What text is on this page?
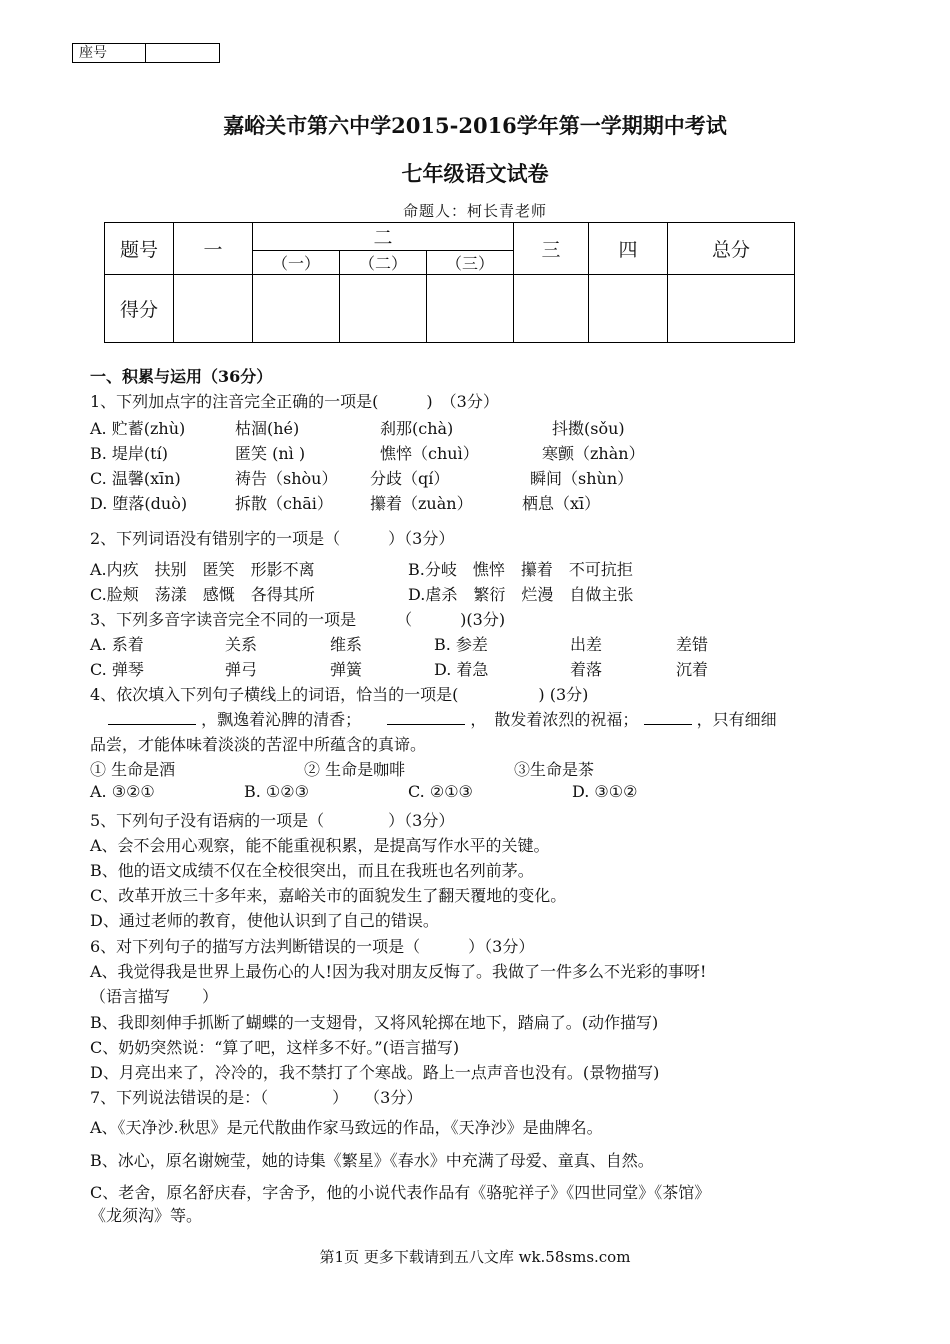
座号
嘉峪关市第六中学2015-2016学年第一学期期中考试
七年级语文试卷
命题人：柯长青老师
题号	一	二			三	四	总分
		（一）	（二）	（三）			
得分							
一、积累与运用（36分）
1、下列加点字的注音完全正确的一项是(　　　)　（3分）
A. 贮蓄(zhù)	枯涸(hé)	刹那(chà)	抖擞(sǒu)
B. 堤岸(tí)	匿笑 (nì )	憔悴（chuì）	寒颤（zhàn）
C. 温馨(xīn)	祷告（shòu） 分歧（qí）	瞬间（shùn）
D. 堕落(duò)	拆散（chāi） 攥着（zuàn）	栖息（xī）
2、下列词语没有错别字的一项是（　　　）（3分）
A.内疚　扶别　匿笑　形影不离	B.分岐　憔悴　攥着　不可抗拒
C.脸颊　荡漾　感慨　各得其所	D.虐杀　繁衍　烂漫　自做主张
3、下列多音字读音完全不同的一项是　　　（　　　)(3分)
A. 系着	关系	维系	B. 参差	出差	差错
C. 弹琴	弹弓	弹簧	D. 着急	着落	沉着
4、依次填入下列句子横线上的词语，恰当的一项是(　　　　　) (3分)
，飘逸着沁脾的清香；	，　散发着浓烈的祝福；	，只有细细
品尝，才能体味着淡淡的苦涩中所蕴含的真谛。
① 生命是酒	② 生命是咖啡	③生命是茶
A. ③②①	B. ①②③	C. ②①③	D. ③①②
5、下列句子没有语病的一项是（　　　　）（3分）
A、会不会用心观察，能不能重视积累，是提高写作水平的关键。
B、他的语文成绩不仅在全校很突出，而且在我班也名列前茅。
C、改革开放三十多年来，嘉峪关市的面貌发生了翻天覆地的变化。
D、通过老师的教育，使他认识到了自己的错误。
6、对下列句子的描写方法判断错误的一项是（　　　）（3分）
A、我觉得我是世界上最伤心的人!因为我对朋友反悔了。我做了一件多么不光彩的事呀!
（语言描写　　）
B、我即刻伸手抓断了蝴蝶的一支翅骨，又将风轮掷在地下，踏扁了。(动作描写)
C、奶奶突然说：“算了吧，这样多不好。”(语言描写)
D、月亮出来了，冷冷的，我不禁打了个寒战。路上一点声音也没有。(景物描写)
7、下列说法错误的是：（　　　　）　　（3分）
A、《天净沙.秋思》是元代散曲作家马致远的作品，《天净沙》是曲牌名。
B、冰心，原名谢婉莹，她的诗集《繁星》《春水》中充满了母爱、童真、自然。
C、老舍，原名舒庆春，字舍予，他的小说代表作品有《骆驼祥子》《四世同堂》《茶馆》
《龙须沟》等。
第1页 更多下载请到五八文库 wk.58sms.com
